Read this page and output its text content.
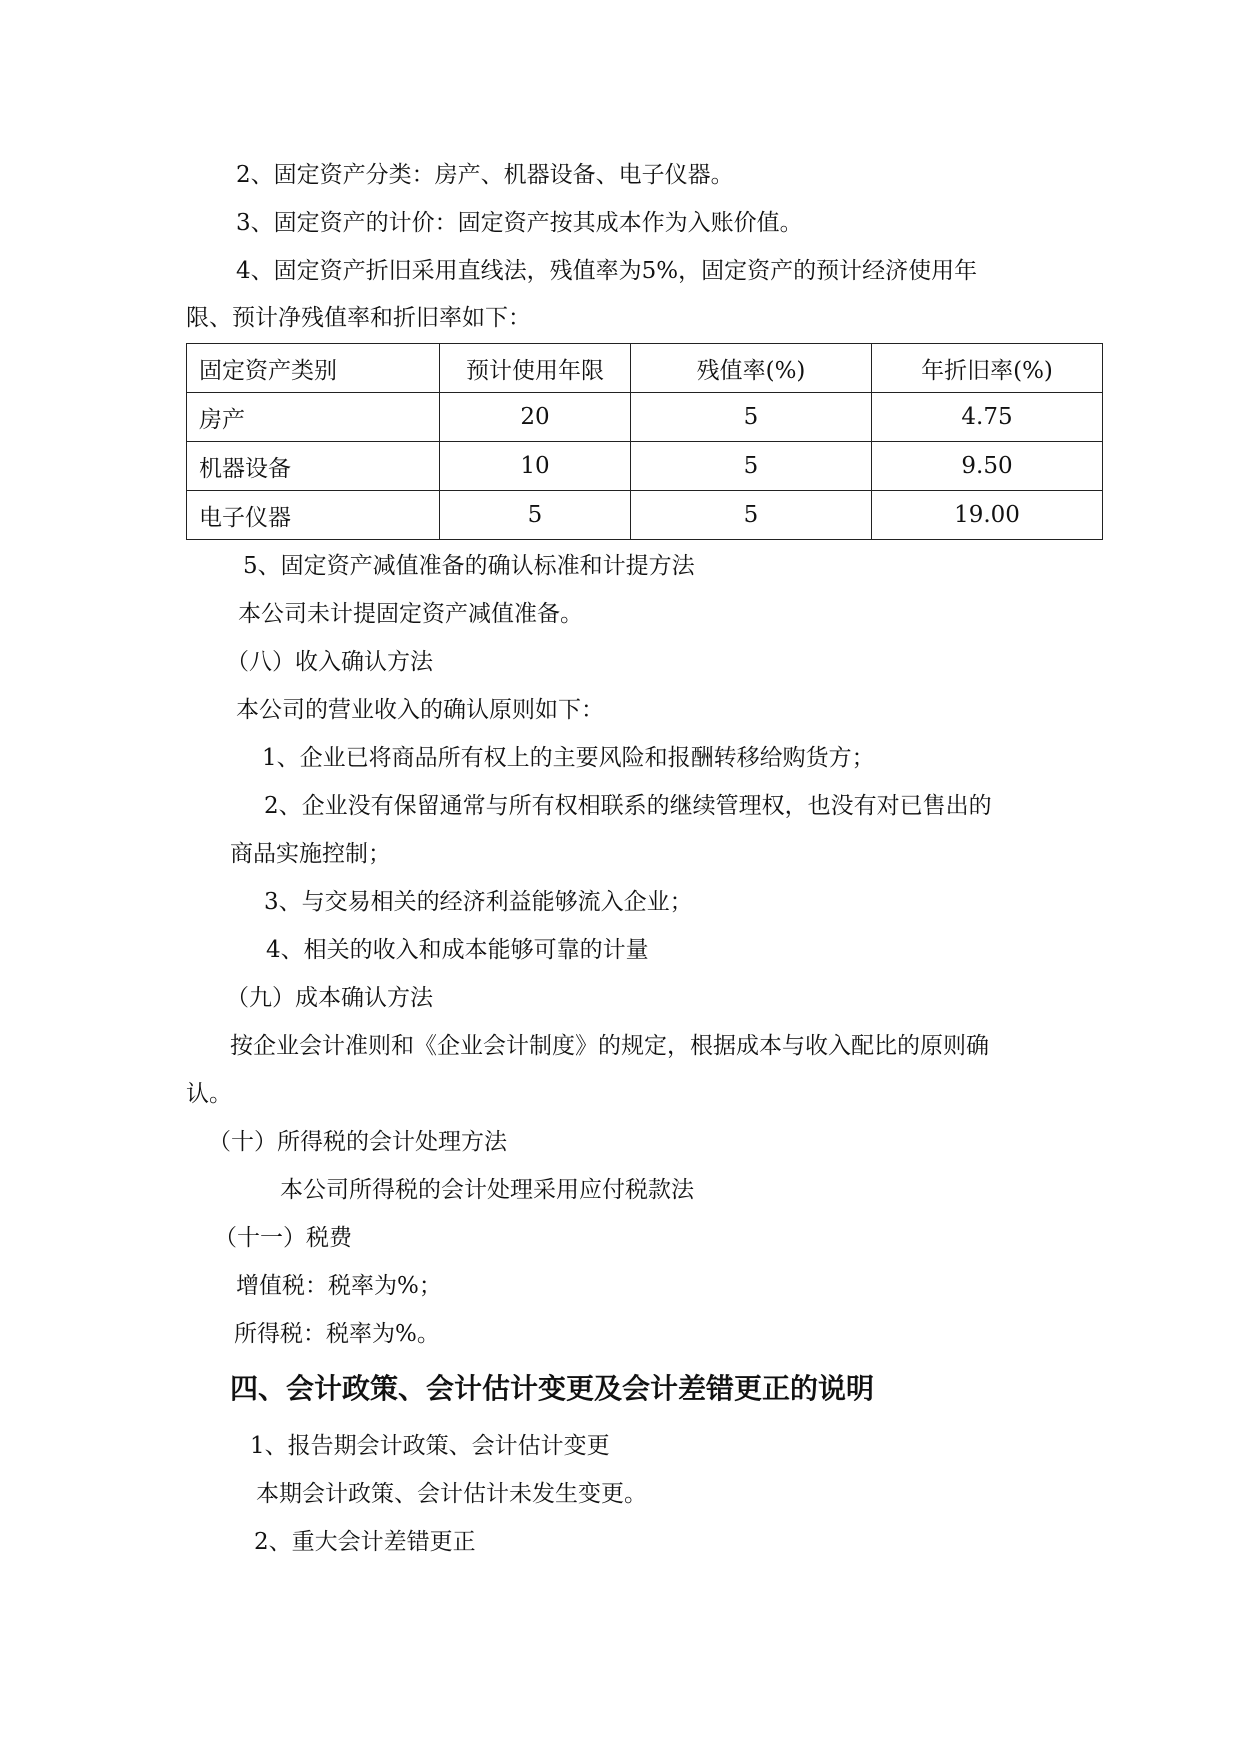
2、固定资产分类：房产、机器设备、电子仪器。
3、固定资产的计价：固定资产按其成本作为入账价值。
4、固定资产折旧采用直线法，残值率为5%，固定资产的预计经济使用年
限、预计净残值率和折旧率如下：
固定资产类别	预计使用年限	残值率(%)	年折旧率(%)
房产	20	5	4.75
机器设备	10	5	9.50
电子仪器	5	5	19.00
5、固定资产减值准备的确认标准和计提方法
本公司未计提固定资产减值准备。
（八）收入确认方法
本公司的营业收入的确认原则如下：
1、企业已将商品所有权上的主要风险和报酬转移给购货方；
2、企业没有保留通常与所有权相联系的继续管理权，也没有对已售出的
商品实施控制；
3、与交易相关的经济利益能够流入企业；
4、相关的收入和成本能够可靠的计量
（九）成本确认方法
按企业会计准则和《企业会计制度》的规定，根据成本与收入配比的原则确
认。
（十）所得税的会计处理方法
本公司所得税的会计处理采用应付税款法
（十一）税费
增值税：税率为%；
所得税：税率为%。
四、会计政策、会计估计变更及会计差错更正的说明
1、报告期会计政策、会计估计变更
本期会计政策、会计估计未发生变更。
2、重大会计差错更正
